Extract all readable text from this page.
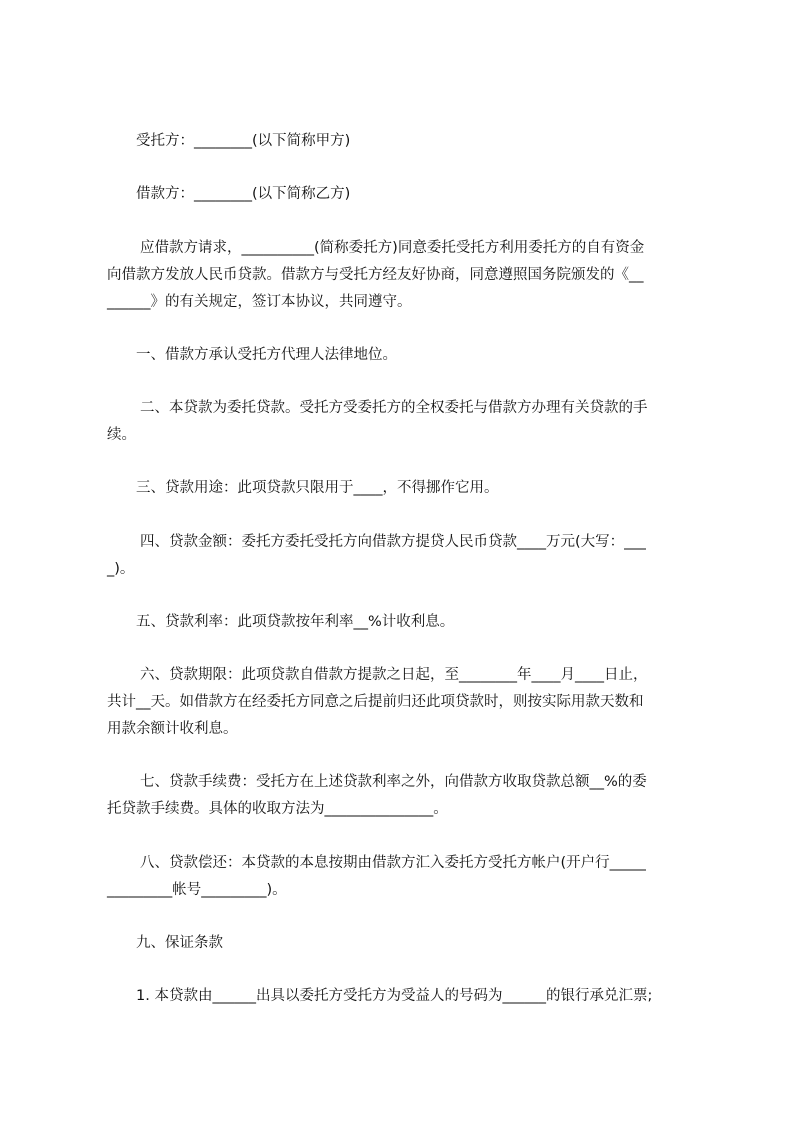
受托方：________(以下简称甲方)
借款方：________(以下简称乙方)
应借款方请求，__________(简称委托方)同意委托受托方利用委托方的自有资金
向借款方发放人民币贷款。借款方与受托方经友好协商，同意遵照国务院颁发的《__
______》的有关规定，签订本协议，共同遵守。
一、借款方承认受托方代理人法律地位。
二、本贷款为委托贷款。受托方受委托方的全权委托与借款方办理有关贷款的手
续。
三、贷款用途：此项贷款只限用于____，不得挪作它用。
四、贷款金额：委托方委托受托方向借款方提贷人民币贷款____万元(大写：___
_)。
五、贷款利率：此项贷款按年利率__%计收利息。
六、贷款期限：此项贷款自借款方提款之日起，至________年____月____日止，
共计__天。如借款方在经委托方同意之后提前归还此项贷款时，则按实际用款天数和
用款余额计收利息。
七、贷款手续费：受托方在上述贷款利率之外，向借款方收取贷款总额__%的委
托贷款手续费。具体的收取方法为_______________。
八、贷款偿还：本贷款的本息按期由借款方汇入委托方受托方帐户(开户行_____
_________帐号_________)。
九、保证条款
1. 本贷款由______出具以委托方受托方为受益人的号码为______的银行承兑汇票;
